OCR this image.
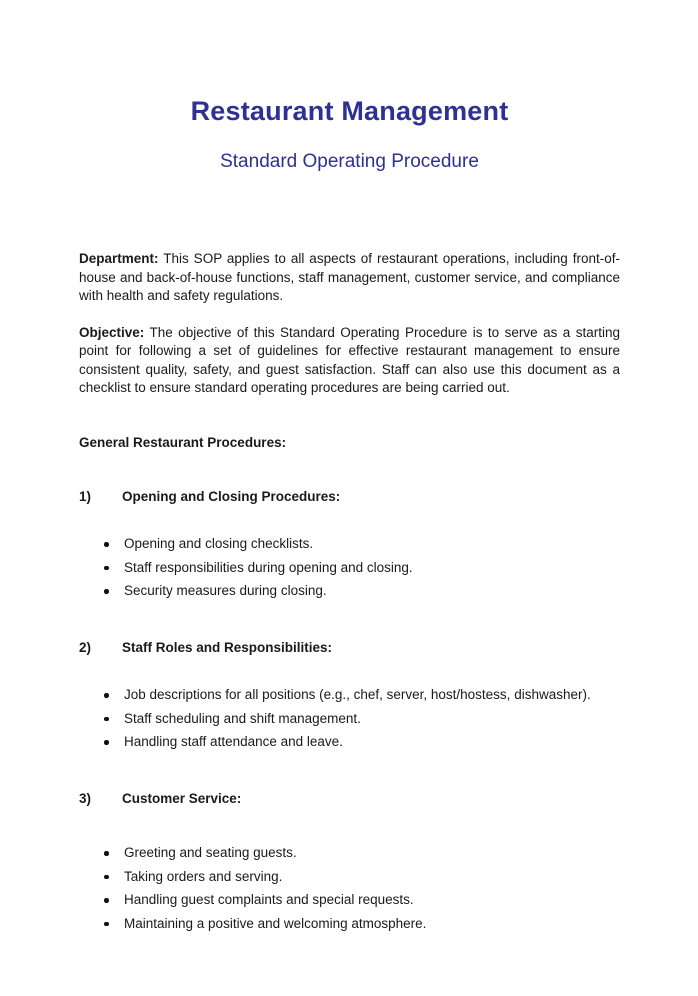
Restaurant Management
Standard Operating Procedure

Department: This SOP applies to all aspects of restaurant operations, including front-of-house and back-of-house functions, staff management, customer service, and compliance with health and safety regulations.

Objective: The objective of this Standard Operating Procedure is to serve as a starting point for following a set of guidelines for effective restaurant management to ensure consistent quality, safety, and guest satisfaction. Staff can also use this document as a checklist to ensure standard operating procedures are being carried out.

General Restaurant Procedures:

1)	Opening and Closing Procedures:
Opening and closing checklists.
Staff responsibilities during opening and closing.
Security measures during closing.
2)	Staff Roles and Responsibilities:
Job descriptions for all positions (e.g., chef, server, host/hostess, dishwasher).
Staff scheduling and shift management.
Handling staff attendance and leave.
3)	Customer Service:
Greeting and seating guests.
Taking orders and serving.
Handling guest complaints and special requests.
Maintaining a positive and welcoming atmosphere.
